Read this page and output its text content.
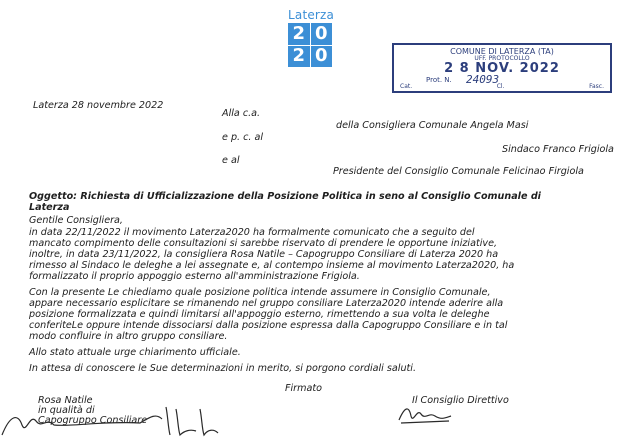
Laterza
2 0
2 0	COMUNE DI LATERZA (TA)
UFF. PROTOCOLLO
2 8 NOV. 2022
Prot. N. 24093
Cat.	Cl.	Fasc.
Laterza 28 novembre 2022
Alla c.a.
della Consigliera Comunale Angela Masi
e p. c. al
Sindaco Franco Frigiola
e al
Presidente del Consiglio Comunale Felicinao Firgiola
Oggetto: Richiesta di Ufficializzazione della Posizione Politica in seno al Consiglio Comunale di
Laterza
Gentile Consigliera,
in data 22/11/2022 il movimento Laterza2020 ha formalmente comunicato che a seguito del
mancato compimento delle consultazioni si sarebbe riservato di prendere le opportune iniziative,
inoltre, in data 23/11/2022, la consigliera Rosa Natile – Capogruppo Consiliare di Laterza 2020 ha
rimesso al Sindaco le deleghe a lei assegnate e, al contempo insieme al movimento Laterza2020, ha
formalizzato il proprio appoggio esterno all'amministrazione Frigiola.
Con la presente Le chiediamo quale posizione politica intende assumere in Consiglio Comunale,
appare necessario esplicitare se rimanendo nel gruppo consiliare Laterza2020 intende aderire alla
posizione formalizzata e quindi limitarsi all'appoggio esterno, rimettendo a sua volta le deleghe
conferiteLe oppure intende dissociarsi dalla posizione espressa dalla Capogruppo Consiliare e in tal
modo confluire in altro gruppo consiliare.
Allo stato attuale urge chiarimento ufficiale.
In attesa di conoscere le Sue determinazioni in merito, si porgono cordiali saluti.
Firmato
Rosa Natile
in qualità di
Capogruppo Consiliare
Il Consiglio Direttivo
